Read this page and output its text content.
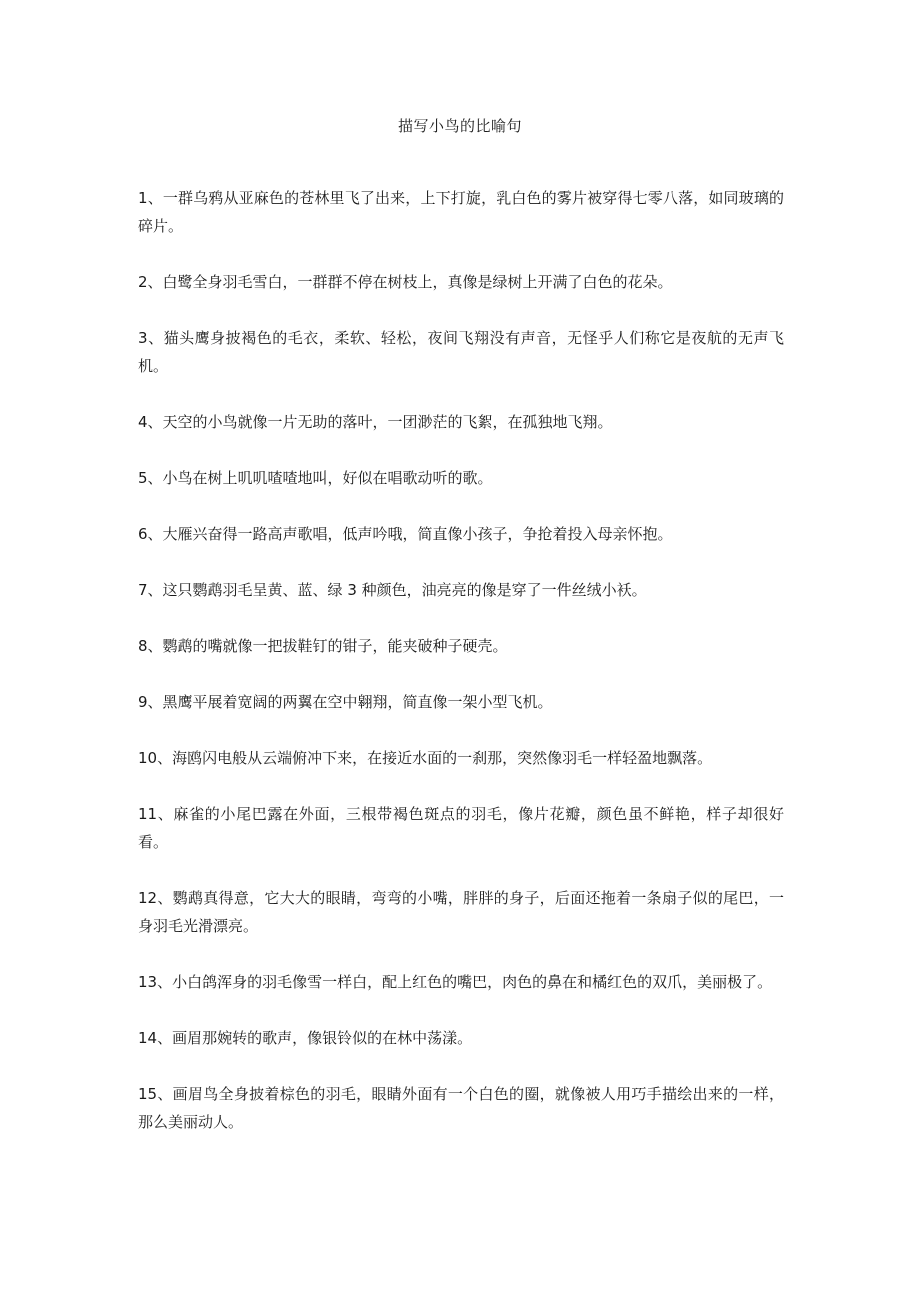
描写小鸟的比喻句

1、一群乌鸦从亚麻色的苍林里飞了出来，上下打旋，乳白色的雾片被穿得七零八落，如同玻璃的碎片。

2、白鹭全身羽毛雪白，一群群不停在树枝上，真像是绿树上开满了白色的花朵。

3、猫头鹰身披褐色的毛衣，柔软、轻松，夜间飞翔没有声音，无怪乎人们称它是夜航的无声飞机。

4、天空的小鸟就像一片无助的落叶，一团渺茫的飞絮，在孤独地飞翔。

5、小鸟在树上叽叽喳喳地叫，好似在唱歌动听的歌。

6、大雁兴奋得一路高声歌唱，低声吟哦，简直像小孩子，争抢着投入母亲怀抱。

7、这只鹦鹉羽毛呈黄、蓝、绿 3 种颜色，油亮亮的像是穿了一件丝绒小袄。

8、鹦鹉的嘴就像一把拔鞋钉的钳子，能夹破种子硬壳。

9、黑鹰平展着宽阔的两翼在空中翱翔，简直像一架小型飞机。

10、海鸥闪电般从云端俯冲下来，在接近水面的一刹那，突然像羽毛一样轻盈地飘落。

11、麻雀的小尾巴露在外面，三根带褐色斑点的羽毛，像片花瓣，颜色虽不鲜艳，样子却很好看。

12、鹦鹉真得意，它大大的眼睛，弯弯的小嘴，胖胖的身子，后面还拖着一条扇子似的尾巴，一身羽毛光滑漂亮。

13、小白鸽浑身的羽毛像雪一样白，配上红色的嘴巴，肉色的鼻在和橘红色的双爪，美丽极了。

14、画眉那婉转的歌声，像银铃似的在林中荡漾。

15、画眉鸟全身披着棕色的羽毛，眼睛外面有一个白色的圈，就像被人用巧手描绘出来的一样，那么美丽动人。
